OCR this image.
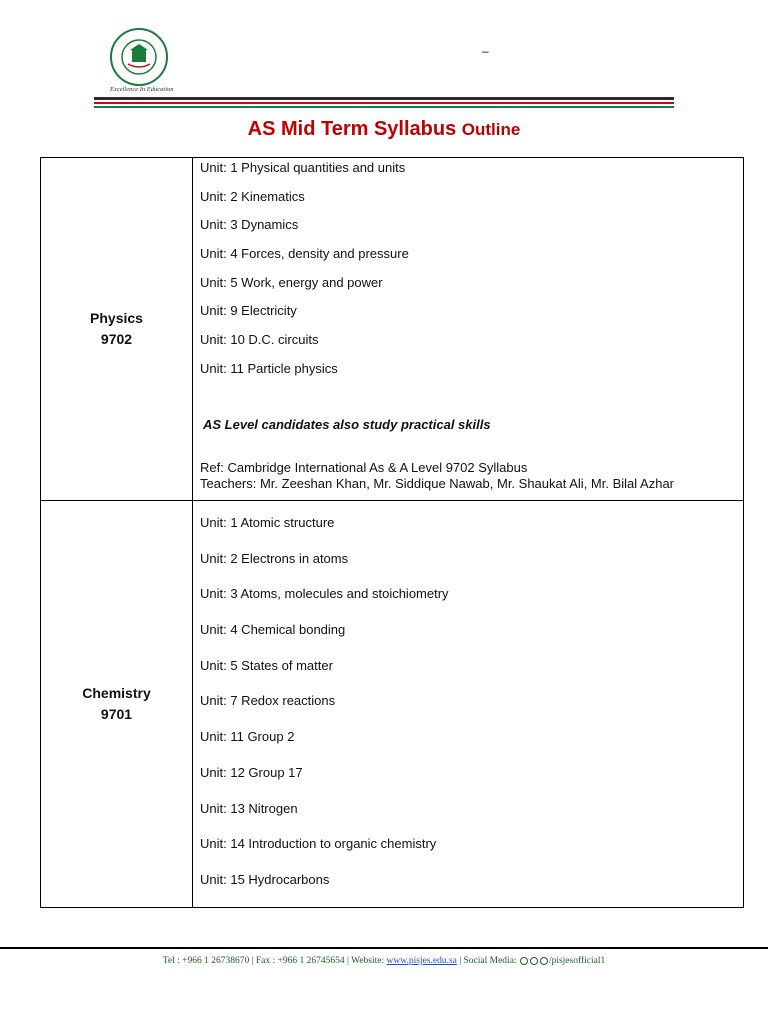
Excellence In Education
–
AS Mid Term Syllabus Outline
Physics
9702
Unit: 1 Physical quantities and units
Unit: 2 Kinematics
Unit: 3 Dynamics
Unit: 4 Forces, density and pressure
Unit: 5 Work, energy and power
Unit: 9 Electricity
Unit: 10 D.C. circuits
Unit: 11 Particle physics
AS Level candidates also study practical skills
Ref: Cambridge International As & A Level 9702 Syllabus
Teachers: Mr. Zeeshan Khan, Mr. Siddique Nawab, Mr. Shaukat Ali, Mr. Bilal Azhar
Chemistry
9701
Unit: 1 Atomic structure
Unit: 2 Electrons in atoms
Unit: 3 Atoms, molecules and stoichiometry
Unit: 4 Chemical bonding
Unit: 5 States of matter
Unit: 7 Redox reactions
Unit: 11 Group 2
Unit: 12 Group 17
Unit: 13 Nitrogen
Unit: 14 Introduction to organic chemistry
Unit: 15 Hydrocarbons
Tel : +966 1 26738670 | Fax : +966 1 26745654 | Website: www.pisjes.edu.sa | Social Media:	/pisjesofficial1
